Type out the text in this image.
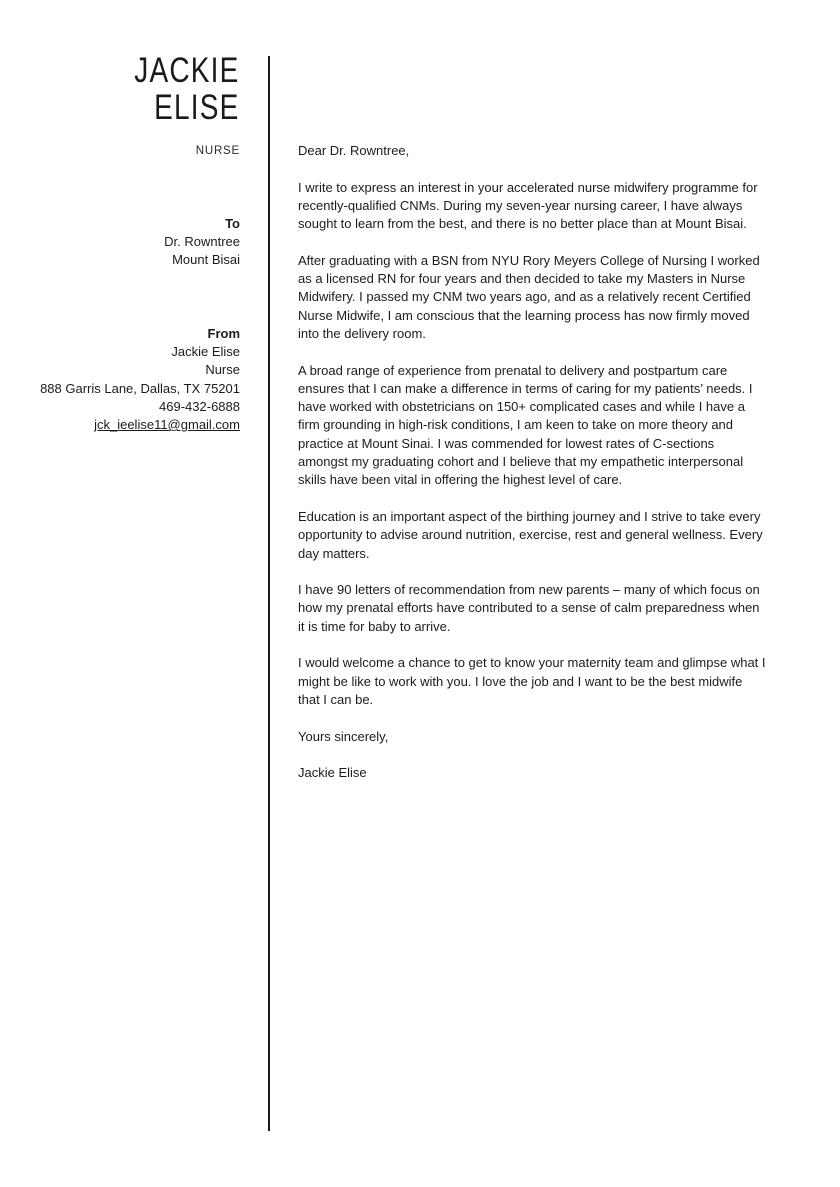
JACKIE
ELISE
NURSE
To
Dr. Rowntree
Mount Bisai
From
Jackie Elise
Nurse
888 Garris Lane, Dallas, TX 75201
469-432-6888
jck_ieelise11@gmail.com

Dear Dr. Rowntree,

I write to express an interest in your accelerated nurse midwifery programme for recently-qualified CNMs. During my seven-year nursing career, I have always sought to learn from the best, and there is no better place than at Mount Bisai.

After graduating with a BSN from NYU Rory Meyers College of Nursing I worked as a licensed RN for four years and then decided to take my Masters in Nurse Midwifery. I passed my CNM two years ago, and as a relatively recent Certified Nurse Midwife, I am conscious that the learning process has now firmly moved into the delivery room.

A broad range of experience from prenatal to delivery and postpartum care ensures that I can make a difference in terms of caring for my patients’ needs. I have worked with obstetricians on 150+ complicated cases and while I have a firm grounding in high-risk conditions, I am keen to take on more theory and practice at Mount Sinai. I was commended for lowest rates of C-sections amongst my graduating cohort and I believe that my empathetic interpersonal skills have been vital in offering the highest level of care.

Education is an important aspect of the birthing journey and I strive to take every opportunity to advise around nutrition, exercise, rest and general wellness. Every day matters.

I have 90 letters of recommendation from new parents – many of which focus on how my prenatal efforts have contributed to a sense of calm preparedness when it is time for baby to arrive.

I would welcome a chance to get to know your maternity team and glimpse what I might be like to work with you. I love the job and I want to be the best midwife that I can be.

Yours sincerely,

Jackie Elise
